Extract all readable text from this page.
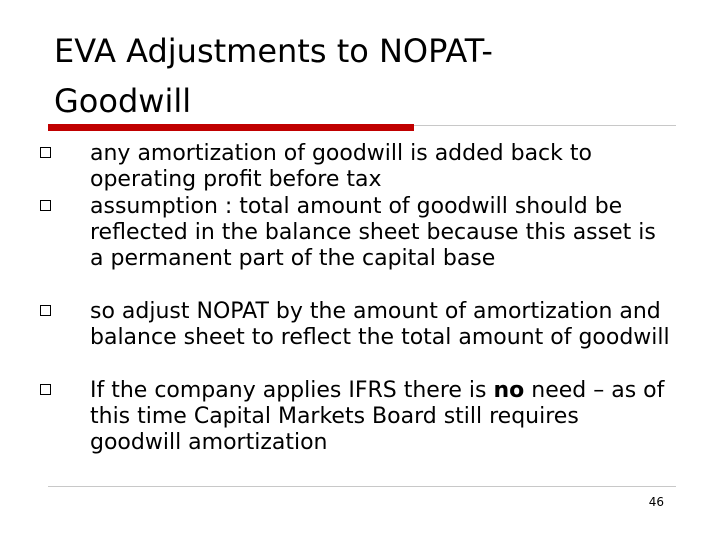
EVA Adjustments to NOPAT-
Goodwill
any amortization of goodwill is added back to operating profit before tax
assumption : total amount of goodwill should be reflected in the balance sheet because this asset is a permanent part of the capital base
so adjust NOPAT by the amount of amortization and balance sheet to reflect the total amount of goodwill
If the company applies IFRS there is no need – as of this time Capital Markets Board still requires goodwill amortization
46
